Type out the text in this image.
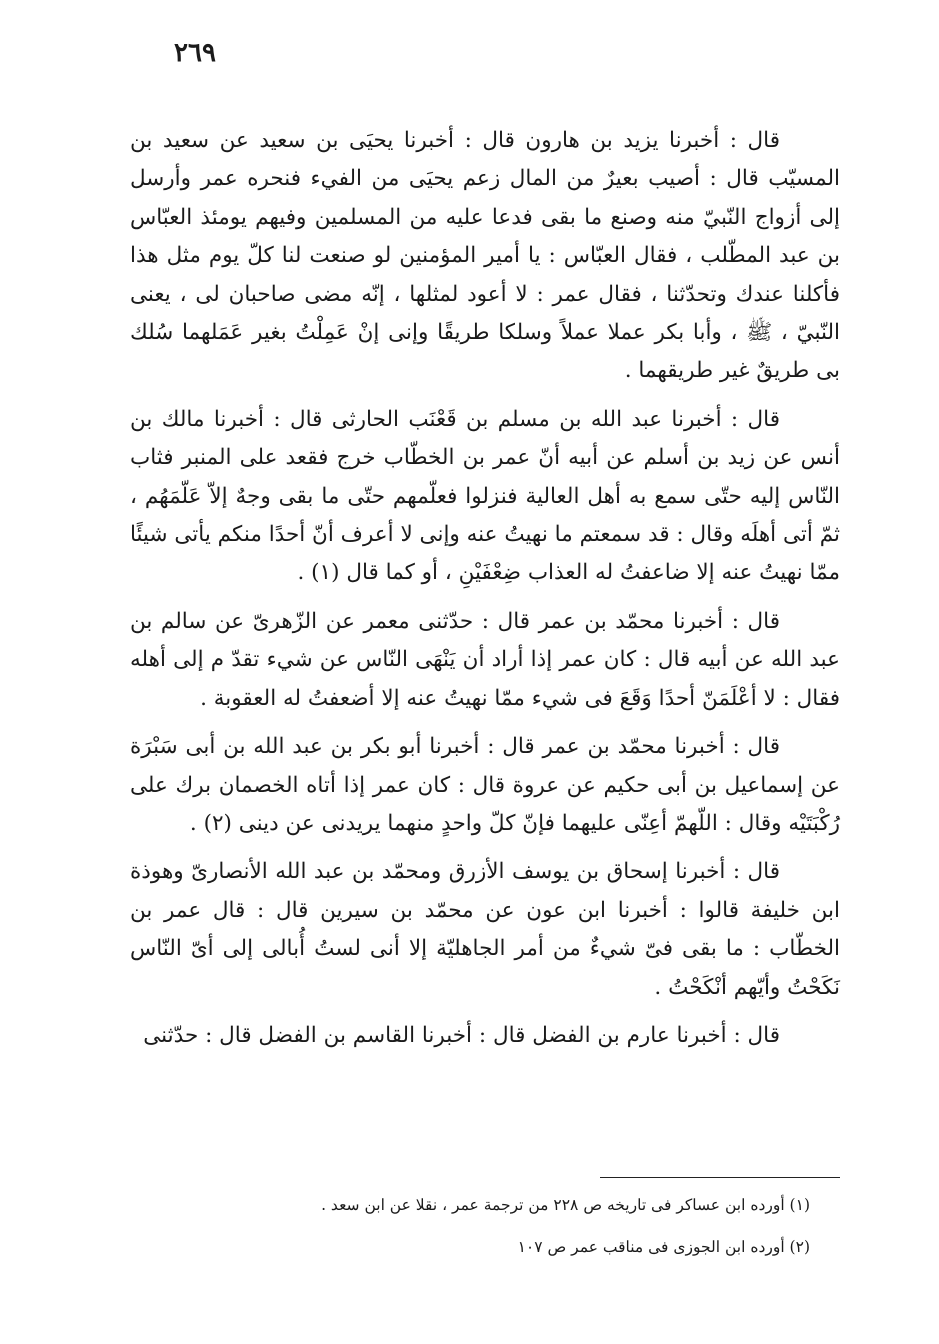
٢٦٩

قال : أخبرنا يزيد بن هارون قال : أخبرنا يحيَى بن سعيد عن سعيد بن المسيّب قال : أصيب بعيرٌ من المال زعم يحيَى من الفيء فنحره عمر وأرسل إلى أزواج النّبيّ منه وصنع ما بقى فدعا عليه من المسلمين وفيهم يومئذ العبّاس بن عبد المطّلب ، فقال العبّاس : يا أمير المؤمنين لو صنعت لنا كلّ يوم مثل هذا فأكلنا عندك وتحدّثنا ، فقال عمر : لا أعود لمثلها ، إنّه مضى صاحبان لى ، يعنى النّبيّ ، ﷺ ، وأبا بكر عملا عملاً وسلكا طريقًا وإنى إنْ عَمِلْتُ بغير عَمَلهما سُلك بى طريقٌ غير طريقهما .

قال : أخبرنا عبد الله بن مسلم بن قَعْنَب الحارثى قال : أخبرنا مالك بن أنس عن زيد بن أسلم عن أبيه أنّ عمر بن الخطّاب خرج فقعد على المنبر فثاب النّاس إليه حتّى سمع به أهل العالية فنزلوا فعلّمهم حتّى ما بقى وجهٌ إلاّ عَلّمَهُم ، ثمّ أتى أهلَه وقال : قد سمعتم ما نهيتُ عنه وإنى لا أعرف أنّ أحدًا منكم يأتى شيئًا ممّا نهيتُ عنه إلا ضاعفتُ له العذاب ضِعْفَيْنِ ، أو كما قال (١) .

قال : أخبرنا محمّد بن عمر قال : حدّثنى معمر عن الزّهرىّ عن سالم بن عبد الله عن أبيه قال : كان عمر إذا أراد أن يَنْهَى النّاس عن شيء تقدّ م إلى أهله فقال : لا أعْلَمَنّ أحدًا وَقَعَ فى شيء ممّا نهيتُ عنه إلا أضعفتُ له العقوبة .

قال : أخبرنا محمّد بن عمر قال : أخبرنا أبو بكر بن عبد الله بن أبى سَبْرَة عن إسماعيل بن أبى حكيم عن عروة قال : كان عمر إذا أتاه الخصمان برك على رُكْبَتَيْه وقال : اللّهمّ أعِنّى عليهما فإنّ كلّ واحدٍ منهما يريدنى عن دينى (٢) .

قال : أخبرنا إسحاق بن يوسف الأزرق ومحمّد بن عبد الله الأنصارىّ وهوذة ابن خليفة قالوا : أخبرنا ابن عون عن محمّد بن سيرين قال : قال عمر بن الخطّاب : ما بقى فىّ شيءٌ من أمر الجاهليّة إلا أنى لستُ أُبالى إلى أىّ النّاس نَكَحْتُ وأيّهم أنْكَحْتُ .

قال : أخبرنا عارم بن الفضل قال : أخبرنا القاسم بن الفضل قال : حدّثنى

(١) أورده ابن عساكر فى تاريخه ص ٢٢٨ من ترجمة عمر ، نقلا عن ابن سعد .

(٢) أورده ابن الجوزى فى مناقب عمر ص ١٠٧
